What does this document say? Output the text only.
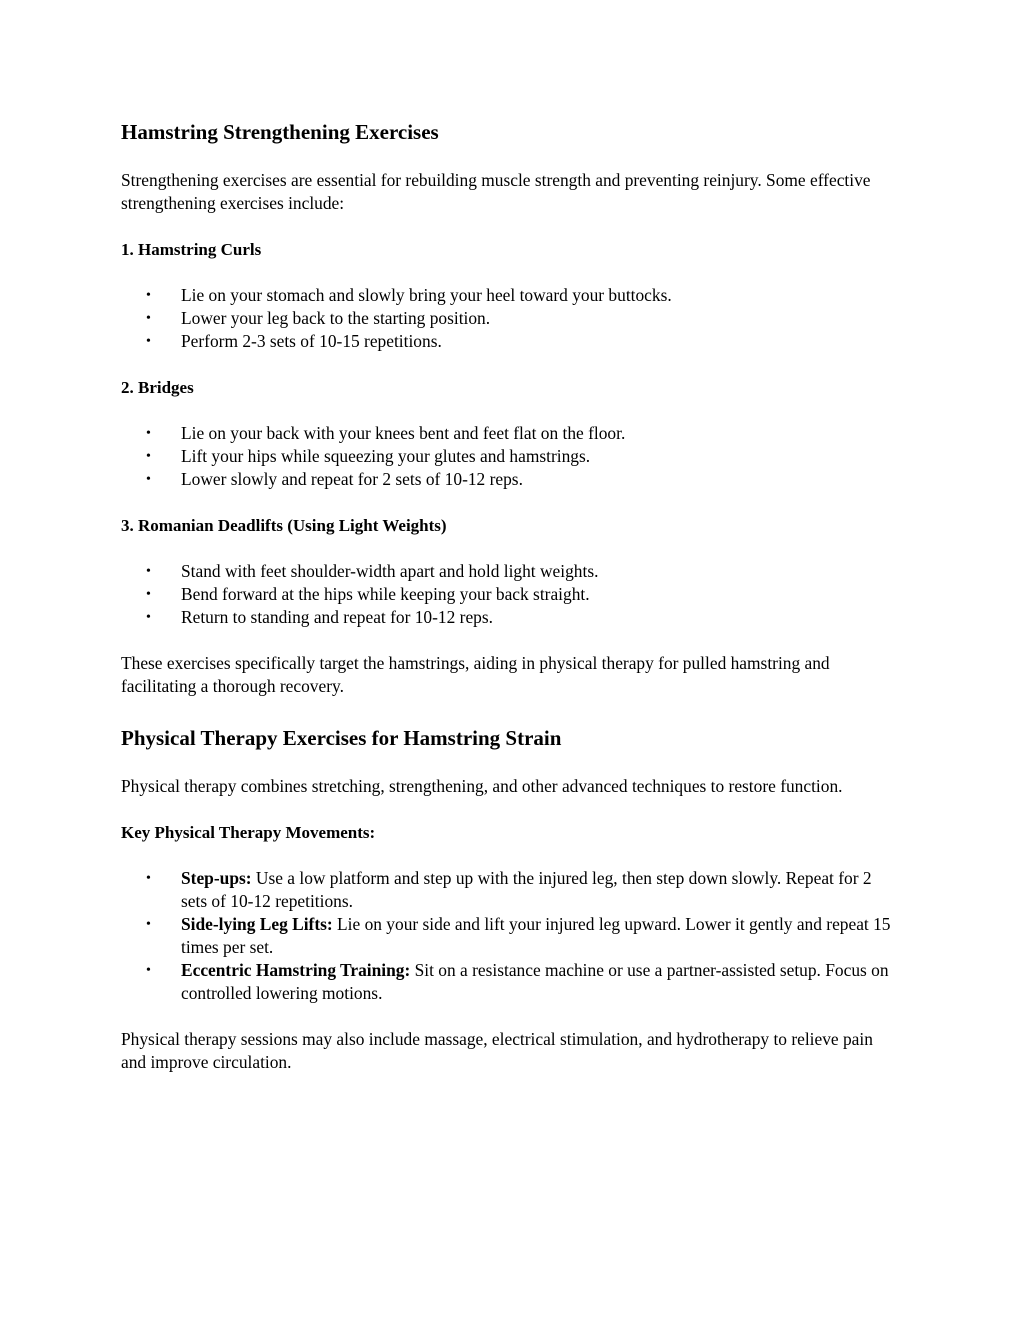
Hamstring Strengthening Exercises

Strengthening exercises are essential for rebuilding muscle strength and preventing reinjury. Some effective strengthening exercises include:

1. Hamstring Curls
• Lie on your stomach and slowly bring your heel toward your buttocks.
• Lower your leg back to the starting position.
• Perform 2-3 sets of 10-15 repetitions.
2. Bridges
• Lie on your back with your knees bent and feet flat on the floor.
• Lift your hips while squeezing your glutes and hamstrings.
• Lower slowly and repeat for 2 sets of 10-12 reps.
3. Romanian Deadlifts (Using Light Weights)
• Stand with feet shoulder-width apart and hold light weights.
• Bend forward at the hips while keeping your back straight.
• Return to standing and repeat for 10-12 reps.

These exercises specifically target the hamstrings, aiding in physical therapy for pulled hamstring and facilitating a thorough recovery.

Physical Therapy Exercises for Hamstring Strain

Physical therapy combines stretching, strengthening, and other advanced techniques to restore function.

Key Physical Therapy Movements:
• Step-ups: Use a low platform and step up with the injured leg, then step down slowly. Repeat for 2 sets of 10-12 repetitions.
• Side-lying Leg Lifts: Lie on your side and lift your injured leg upward. Lower it gently and repeat 15 times per set.
• Eccentric Hamstring Training: Sit on a resistance machine or use a partner-assisted setup. Focus on controlled lowering motions.

Physical therapy sessions may also include massage, electrical stimulation, and hydrotherapy to relieve pain and improve circulation.
